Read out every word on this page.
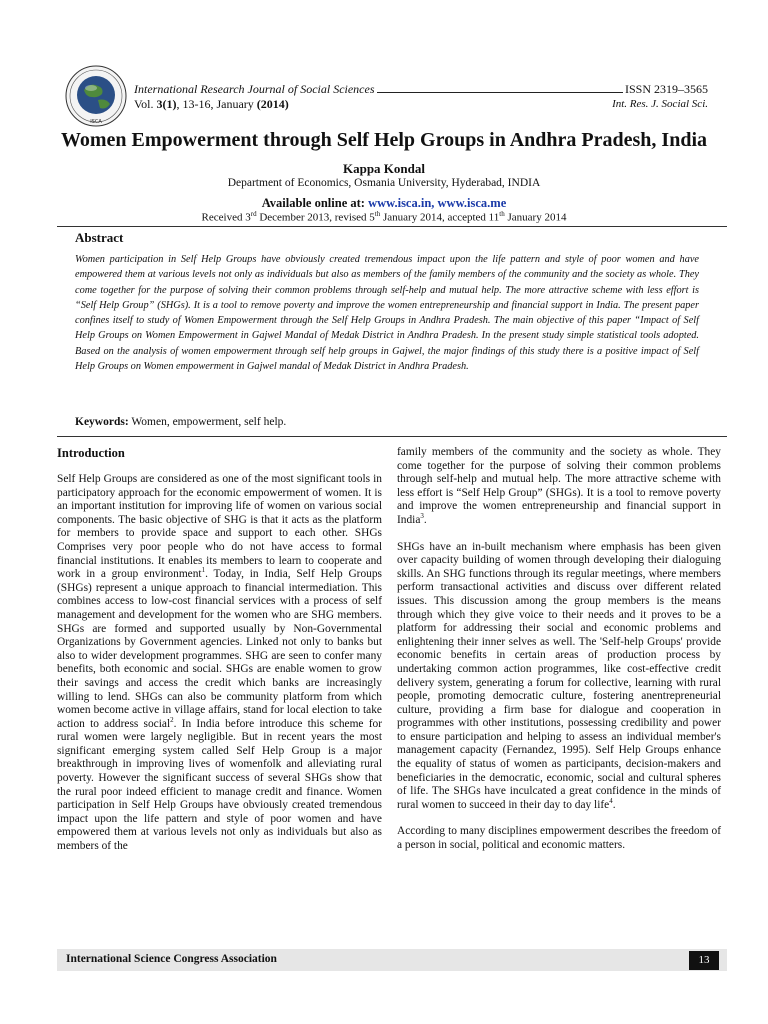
ISCA
International Research Journal of Social Sciences	ISSN 2319–3565
Vol. 3(1), 13-16, January (2014)	Int. Res. J. Social Sci.
Women Empowerment through Self Help Groups in Andhra Pradesh, India
Kappa Kondal
Department of Economics, Osmania University, Hyderabad, INDIA
Available online at: www.isca.in, www.isca.me
Received 3rd December 2013, revised 5th January 2014, accepted 11th January 2014
Abstract

Women participation in Self Help Groups have obviously created tremendous impact upon the life pattern and style of poor women and have empowered them at various levels not only as individuals but also as members of the family members of the community and the society as whole. They come together for the purpose of solving their common problems through self-help and mutual help. The more attractive scheme with less effort is “Self Help Group” (SHGs). It is a tool to remove poverty and improve the women entrepreneurship and financial support in India. The present paper confines itself to study of Women Empowerment through the Self Help Groups in Andhra Pradesh. The main objective of this paper “Impact of Self Help Groups on Women Empowerment in Gajwel Mandal of Medak District in Andhra Pradesh. In the present study simple statistical tools adopted. Based on the analysis of women empowerment through self help groups in Gajwel, the major findings of this study there is a positive impact of Self Help Groups on Women empowerment in Gajwel mandal of Medak District in Andhra Pradesh.

Keywords: Women, empowerment, self help.
Introduction

Self Help Groups are considered as one of the most significant tools in participatory approach for the economic empowerment of women. It is an important institution for improving life of women on various social components. The basic objective of SHG is that it acts as the platform for members to provide space and support to each other. SHGs Comprises very poor people who do not have access to formal financial institutions. It enables its members to learn to cooperate and work in a group environment$^1$. Today, in India, Self Help Groups (SHGs) represent a unique approach to financial intermediation. This combines access to low-cost financial services with a process of self management and development for the women who are SHG members. SHGs are formed and supported usually by Non-Governmental Organizations by Government agencies. Linked not only to banks but also to wider development programmes. SHG are seen to confer many benefits, both economic and social. SHGs are enable women to grow their savings and access the credit which banks are increasingly willing to lend. SHGs can also be community platform from which women become active in village affairs, stand for local election to take action to address social$^2$. In India before introduce this scheme for rural women were largely negligible. But in recent years the most significant emerging system called Self Help Group is a major breakthrough in improving lives of womenfolk and alleviating rural poverty. However the significant success of several SHGs show that the rural poor indeed efficient to manage credit and finance. Women participation in Self Help Groups have obviously created tremendous impact upon the life pattern and style of poor women and have empowered them at various levels not only as individuals but also as members of the

family members of the community and the society as whole. They come together for the purpose of solving their common problems through self-help and mutual help. The more attractive scheme with less effort is “Self Help Group” (SHGs). It is a tool to remove poverty and improve the women entrepreneurship and financial support in India$^3$.

SHGs have an in-built mechanism where emphasis has been given over capacity building of women through developing their dialoguing skills. An SHG functions through its regular meetings, where members perform transactional activities and discuss over different related issues. This discussion among the group members is the means through which they give voice to their needs and it proves to be a platform for addressing their social and economic problems and enlightening their inner selves as well. The 'Self-help Groups' provide economic benefits in certain areas of production process by undertaking common action programmes, like cost-effective credit delivery system, generating a forum for collective, learning with rural people, promoting democratic culture, fostering anentrepreneurial culture, providing a firm base for dialogue and cooperation in programmes with other institutions, possessing credibility and power to ensure participation and helping to assess an individual member's management capacity (Fernandez, 1995). Self Help Groups enhance the equality of status of women as participants, decision-makers and beneficiaries in the democratic, economic, social and cultural spheres of life. The SHGs have inculcated a great confidence in the minds of rural women to succeed in their day to day life$^4$.

According to many disciplines empowerment describes the freedom of a person in social, political and economic matters.

International Science Congress Association	13
